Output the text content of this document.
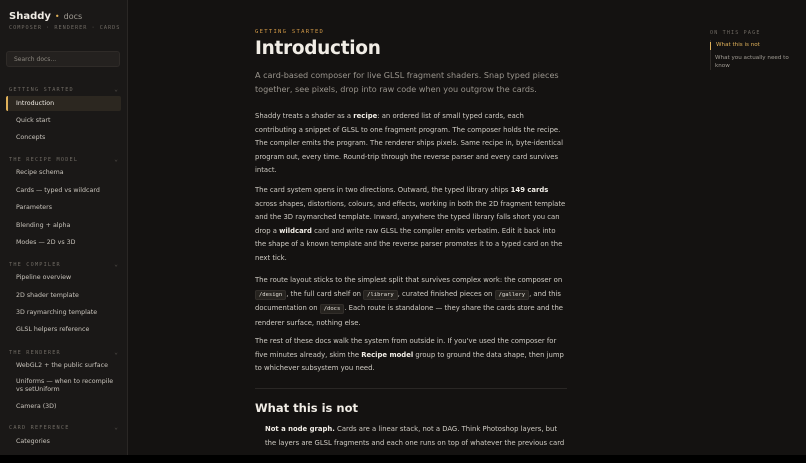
Shaddy • docs
COMPOSER · RENDERER · CARDS
Search docs...
GETTING STARTED	⌄
Introduction
Quick start
Concepts
THE RECIPE MODEL	⌄
Recipe schema
Cards — typed vs wildcard
Parameters
Blending + alpha
Modes — 2D vs 3D
THE COMPILER	⌄
Pipeline overview
2D shader template
3D raymarching template
GLSL helpers reference
THE RENDERER	⌄
WebGL2 + the public surface
Uniforms — when to recompile vs setUniform
Camera (3D)
CARD REFERENCE	⌄
Categories
GETTING STARTED
Introduction

A card-based composer for live GLSL fragment shaders. Snap typed pieces together, see pixels, drop into raw code when you outgrow the cards.

Shaddy treats a shader as a recipe: an ordered list of small typed cards, each contributing a snippet of GLSL to one fragment program. The composer holds the recipe. The compiler emits the program. The renderer ships pixels. Same recipe in, byte-identical program out, every time. Round-trip through the reverse parser and every card survives intact.

The card system opens in two directions. Outward, the typed library ships 149 cards across shapes, distortions, colours, and effects, working in both the 2D fragment template and the 3D raymarched template. Inward, anywhere the typed library falls short you can drop a wildcard card and write raw GLSL the compiler emits verbatim. Edit it back into the shape of a known template and the reverse parser promotes it to a typed card on the next tick.

The route layout sticks to the simplest split that survives complex work: the composer on /design , the full card shelf on /library , curated finished pieces on /gallery , and this documentation on /docs . Each route is standalone — they share the cards store and the renderer surface, nothing else.

The rest of these docs walk the system from outside in. If you've used the composer for five minutes already, skim the Recipe model group to ground the data shape, then jump to whichever subsystem you need.

What this is not

Not a node graph. Cards are a linear stack, not a DAG. Think Photoshop layers, but the layers are GLSL fragments and each one runs on top of whatever the previous card

ON THIS PAGE
What this is not
What you actually need to know
